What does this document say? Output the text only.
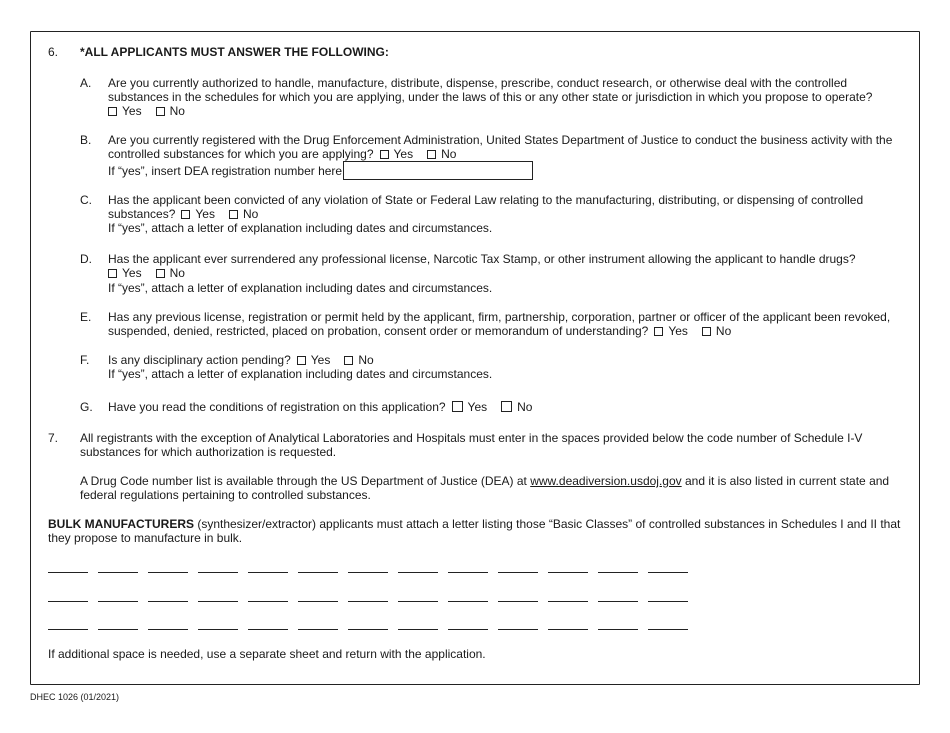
6. *ALL APPLICANTS MUST ANSWER THE FOLLOWING:
A. Are you currently authorized to handle, manufacture, distribute, dispense, prescribe, conduct research, or otherwise deal with the controlled
substances in the schedules for which you are applying, under the laws of this or any other state or jurisdiction in which you propose to operate?
Yes No
B. Are you currently registered with the Drug Enforcement Administration, United States Department of Justice to conduct the business activity with the
controlled substances for which you are applying? Yes No
If “yes”, insert DEA registration number here
C. Has the applicant been convicted of any violation of State or Federal Law relating to the manufacturing, distributing, or dispensing of controlled
substances? Yes No
If “yes”, attach a letter of explanation including dates and circumstances.
D. Has the applicant ever surrendered any professional license, Narcotic Tax Stamp, or other instrument allowing the applicant to handle drugs?
Yes No
If “yes”, attach a letter of explanation including dates and circumstances.
E. Has any previous license, registration or permit held by the applicant, firm, partnership, corporation, partner or officer of the applicant been revoked,
suspended, denied, restricted, placed on probation, consent order or memorandum of understanding? Yes No
F. Is any disciplinary action pending? Yes No
If “yes”, attach a letter of explanation including dates and circumstances.
G. Have you read the conditions of registration on this application? Yes	No
7. All registrants with the exception of Analytical Laboratories and Hospitals must enter in the spaces provided below the code number of Schedule I-V
substances for which authorization is requested.
A Drug Code number list is available through the US Department of Justice (DEA) at www.deadiversion.usdoj.gov and it is also listed in current state and
federal regulations pertaining to controlled substances.
BULK MANUFACTURERS (synthesizer/extractor) applicants must attach a letter listing those “Basic Classes” of controlled substances in Schedules I and II that
they propose to manufacture in bulk.
If additional space is needed, use a separate sheet and return with the application.
DHEC 1026 (01/2021)
